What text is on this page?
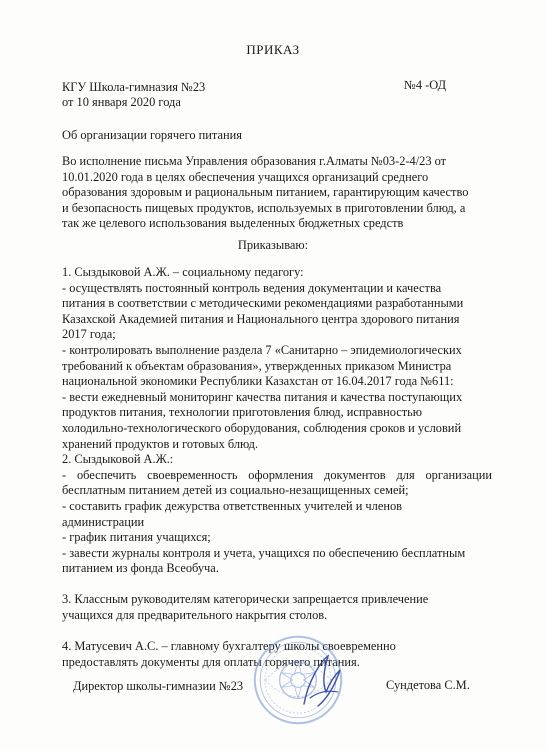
ПРИКАЗ
КГУ Школа-гимназия №23	№4 -ОД
от 10 января 2020 года
Об организации горячего питания
Во исполнение письма Управления образования г.Алматы №03-2-4/23 от
10.01.2020 года в целях обеспечения учащихся организаций среднего
образования здоровым и рациональным питанием, гарантирующим качество
и безопасность пищевых продуктов, используемых в приготовлении блюд, а
так же целевого использования выделенных бюджетных средств
Приказываю:
1. Сыздыковой А.Ж. – социальному педагогу:
- осуществлять постоянный контроль ведения документации и качества
питания в соответствии с методическими рекомендациями разработанными
Казахской Академией питания и Национального центра здорового питания
2017 года;
- контролировать выполнение раздела 7 «Санитарно – эпидемиологических
требований к объектам образования», утвержденных приказом Министра
национальной экономики Республики Казахстан от 16.04.2017 года №611:
- вести ежедневный мониторинг качества питания и качества поступающих
продуктов питания, технологии приготовления блюд, исправностью
холодильно-технологического оборудования, соблюдения сроков и условий
хранений продуктов и готовых блюд.
2. Сыздыковой А.Ж.:
- обеспечить своевременность оформления документов для организации
бесплатным питанием детей из социально-незащищенных семей;
- составить график дежурства ответственных учителей и членов
администрации
- график питания учащихся;
- завести журналы контроля и учета, учащихся по обеспечению бесплатным
питанием из фонда Всеобуча.

3. Классным руководителям категорически запрещается привлечение
учащихся для предварительного накрытия столов.

4. Матусевич А.С. – главному бухгалтеру школы своевременно
предоставлять документы для оплаты горячего питания.
Директор школы-гимназии №23	Сундетова С.М.
